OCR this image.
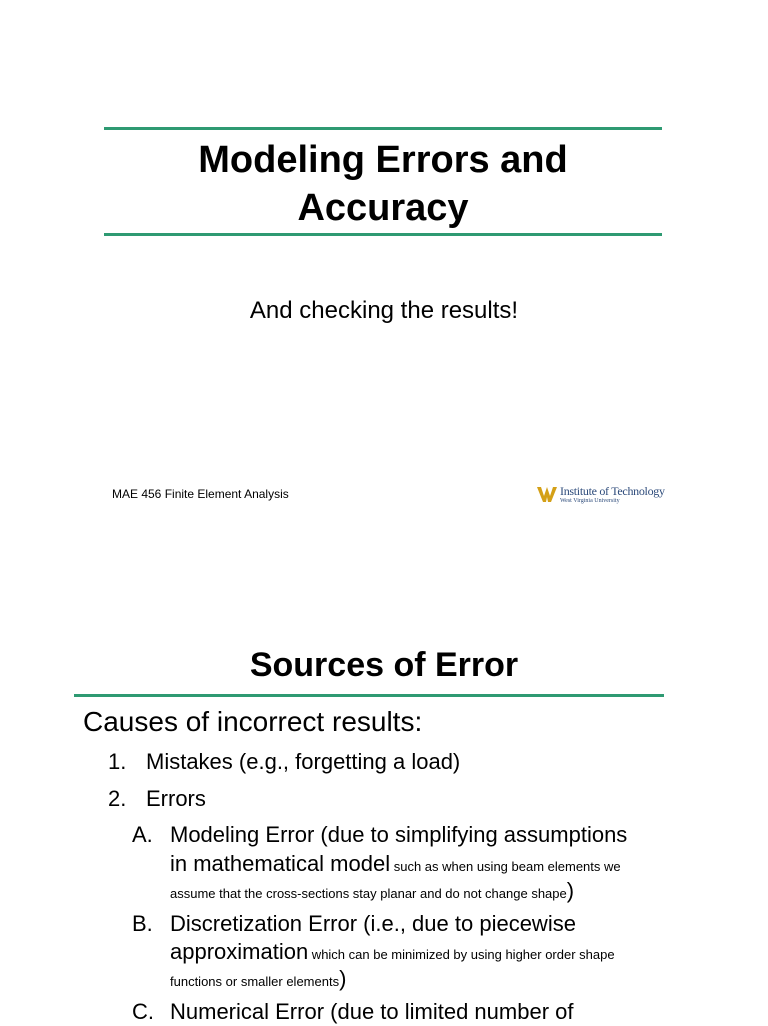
Modeling Errors and
Accuracy
And checking the results!
MAE 456 Finite Element Analysis	Institute of Technology
West Virginia University
Sources of Error
Causes of incorrect results:
1. Mistakes (e.g., forgetting a load)
2. Errors
A. Modeling Error (due to simplifying assumptions
in mathematical model such as when using beam elements we
assume that the cross-sections stay planar and do not change shape)
B. Discretization Error (i.e., due to piecewise
approximation which can be minimized by using higher order shape
functions or smaller elements)
C. Numerical Error (due to limited number of
